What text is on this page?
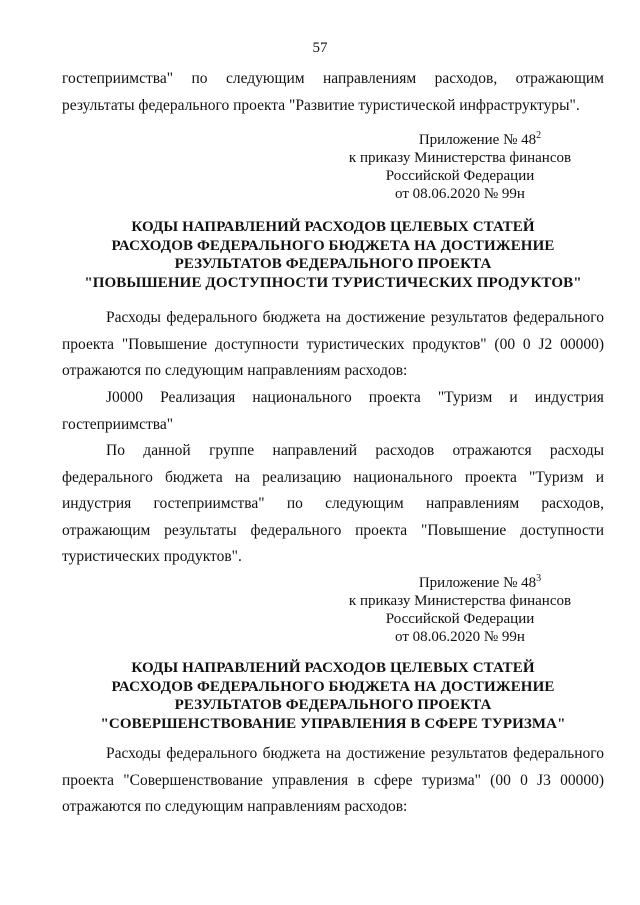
57
гостеприимства" по следующим направлениям расходов, отражающим результаты федерального проекта "Развитие туристической инфраструктуры".
Приложение № $48^2$
к приказу Министерства финансов
Российской Федерации
от 08.06.2020 № 99н
КОДЫ НАПРАВЛЕНИЙ РАСХОДОВ ЦЕЛЕВЫХ СТАТЕЙ
РАСХОДОВ ФЕДЕРАЛЬНОГО БЮДЖЕТА НА ДОСТИЖЕНИЕ
РЕЗУЛЬТАТОВ ФЕДЕРАЛЬНОГО ПРОЕКТА
"ПОВЫШЕНИЕ ДОСТУПНОСТИ ТУРИСТИЧЕСКИХ ПРОДУКТОВ"
Расходы федерального бюджета на достижение результатов федерального проекта "Повышение доступности туристических продуктов" (00 0 J2 00000) отражаются по следующим направлениям расходов:
J0000 Реализация национального проекта "Туризм и индустрия
гостеприимства"
По данной группе направлений расходов отражаются расходы федерального бюджета на реализацию национального проекта "Туризм и индустрия гостеприимства" по следующим направлениям расходов, отражающим результаты федерального проекта "Повышение доступности туристических продуктов".
Приложение № $48^3$
к приказу Министерства финансов
Российской Федерации
от 08.06.2020 № 99н
КОДЫ НАПРАВЛЕНИЙ РАСХОДОВ ЦЕЛЕВЫХ СТАТЕЙ
РАСХОДОВ ФЕДЕРАЛЬНОГО БЮДЖЕТА НА ДОСТИЖЕНИЕ
РЕЗУЛЬТАТОВ ФЕДЕРАЛЬНОГО ПРОЕКТА
"СОВЕРШЕНСТВОВАНИЕ УПРАВЛЕНИЯ В СФЕРЕ ТУРИЗМА"
Расходы федерального бюджета на достижение результатов федерального проекта "Совершенствование управления в сфере туризма" (00 0 J3 00000) отражаются по следующим направлениям расходов:
